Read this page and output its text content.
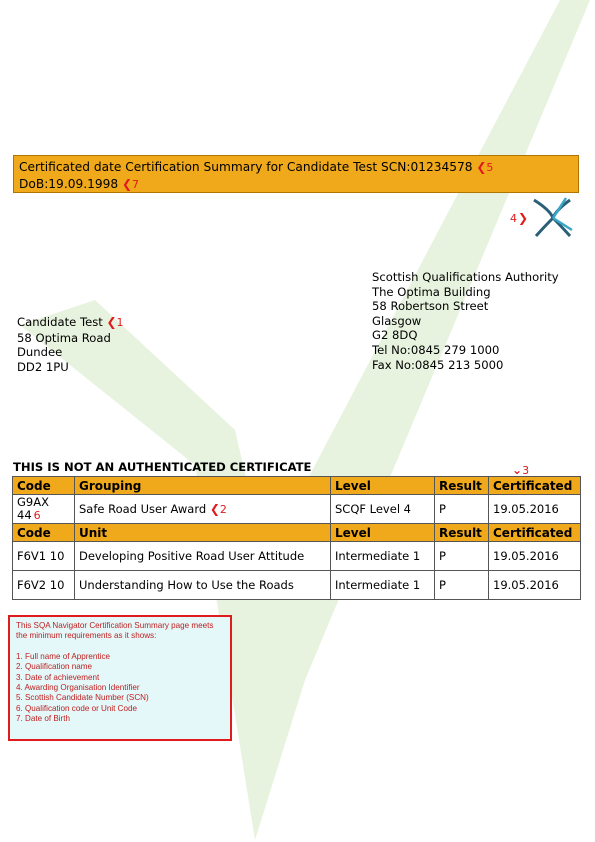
Certificated date Certification Summary for Candidate Test SCN:01234578 ❮5
DoB:19.09.1998 ❮7
4 ❯
Scottish Qualifications Authority
The Optima Building
58 Robertson Street
Glasgow
G2 8DQ
Tel No:0845 279 1000
Fax No:0845 213 5000
Candidate Test ❮1
58 Optima Road
Dundee
DD2 1PU
THIS IS NOT AN AUTHENTICATED CERTIFICATE	⌄3
Code	Grouping	Level	Result	Certificated
G9AX 44 6	Safe Road User Award ❮2	SCQF Level 4	P	19.05.2016
Code	Unit	Level	Result	Certificated
F6V1 10	Developing Positive Road User Attitude	Intermediate 1	P	19.05.2016
F6V2 10	Understanding How to Use the Roads	Intermediate 1	P	19.05.2016
This SQA Navigator Certification Summary page meets the minimum requirements as it shows:
1. Full name of Apprentice
2. Qualification name
3. Date of achievement
4. Awarding Organisation Identifier
5. Scottish Candidate Number (SCN)
6. Qualification code or Unit Code
7. Date of Birth
